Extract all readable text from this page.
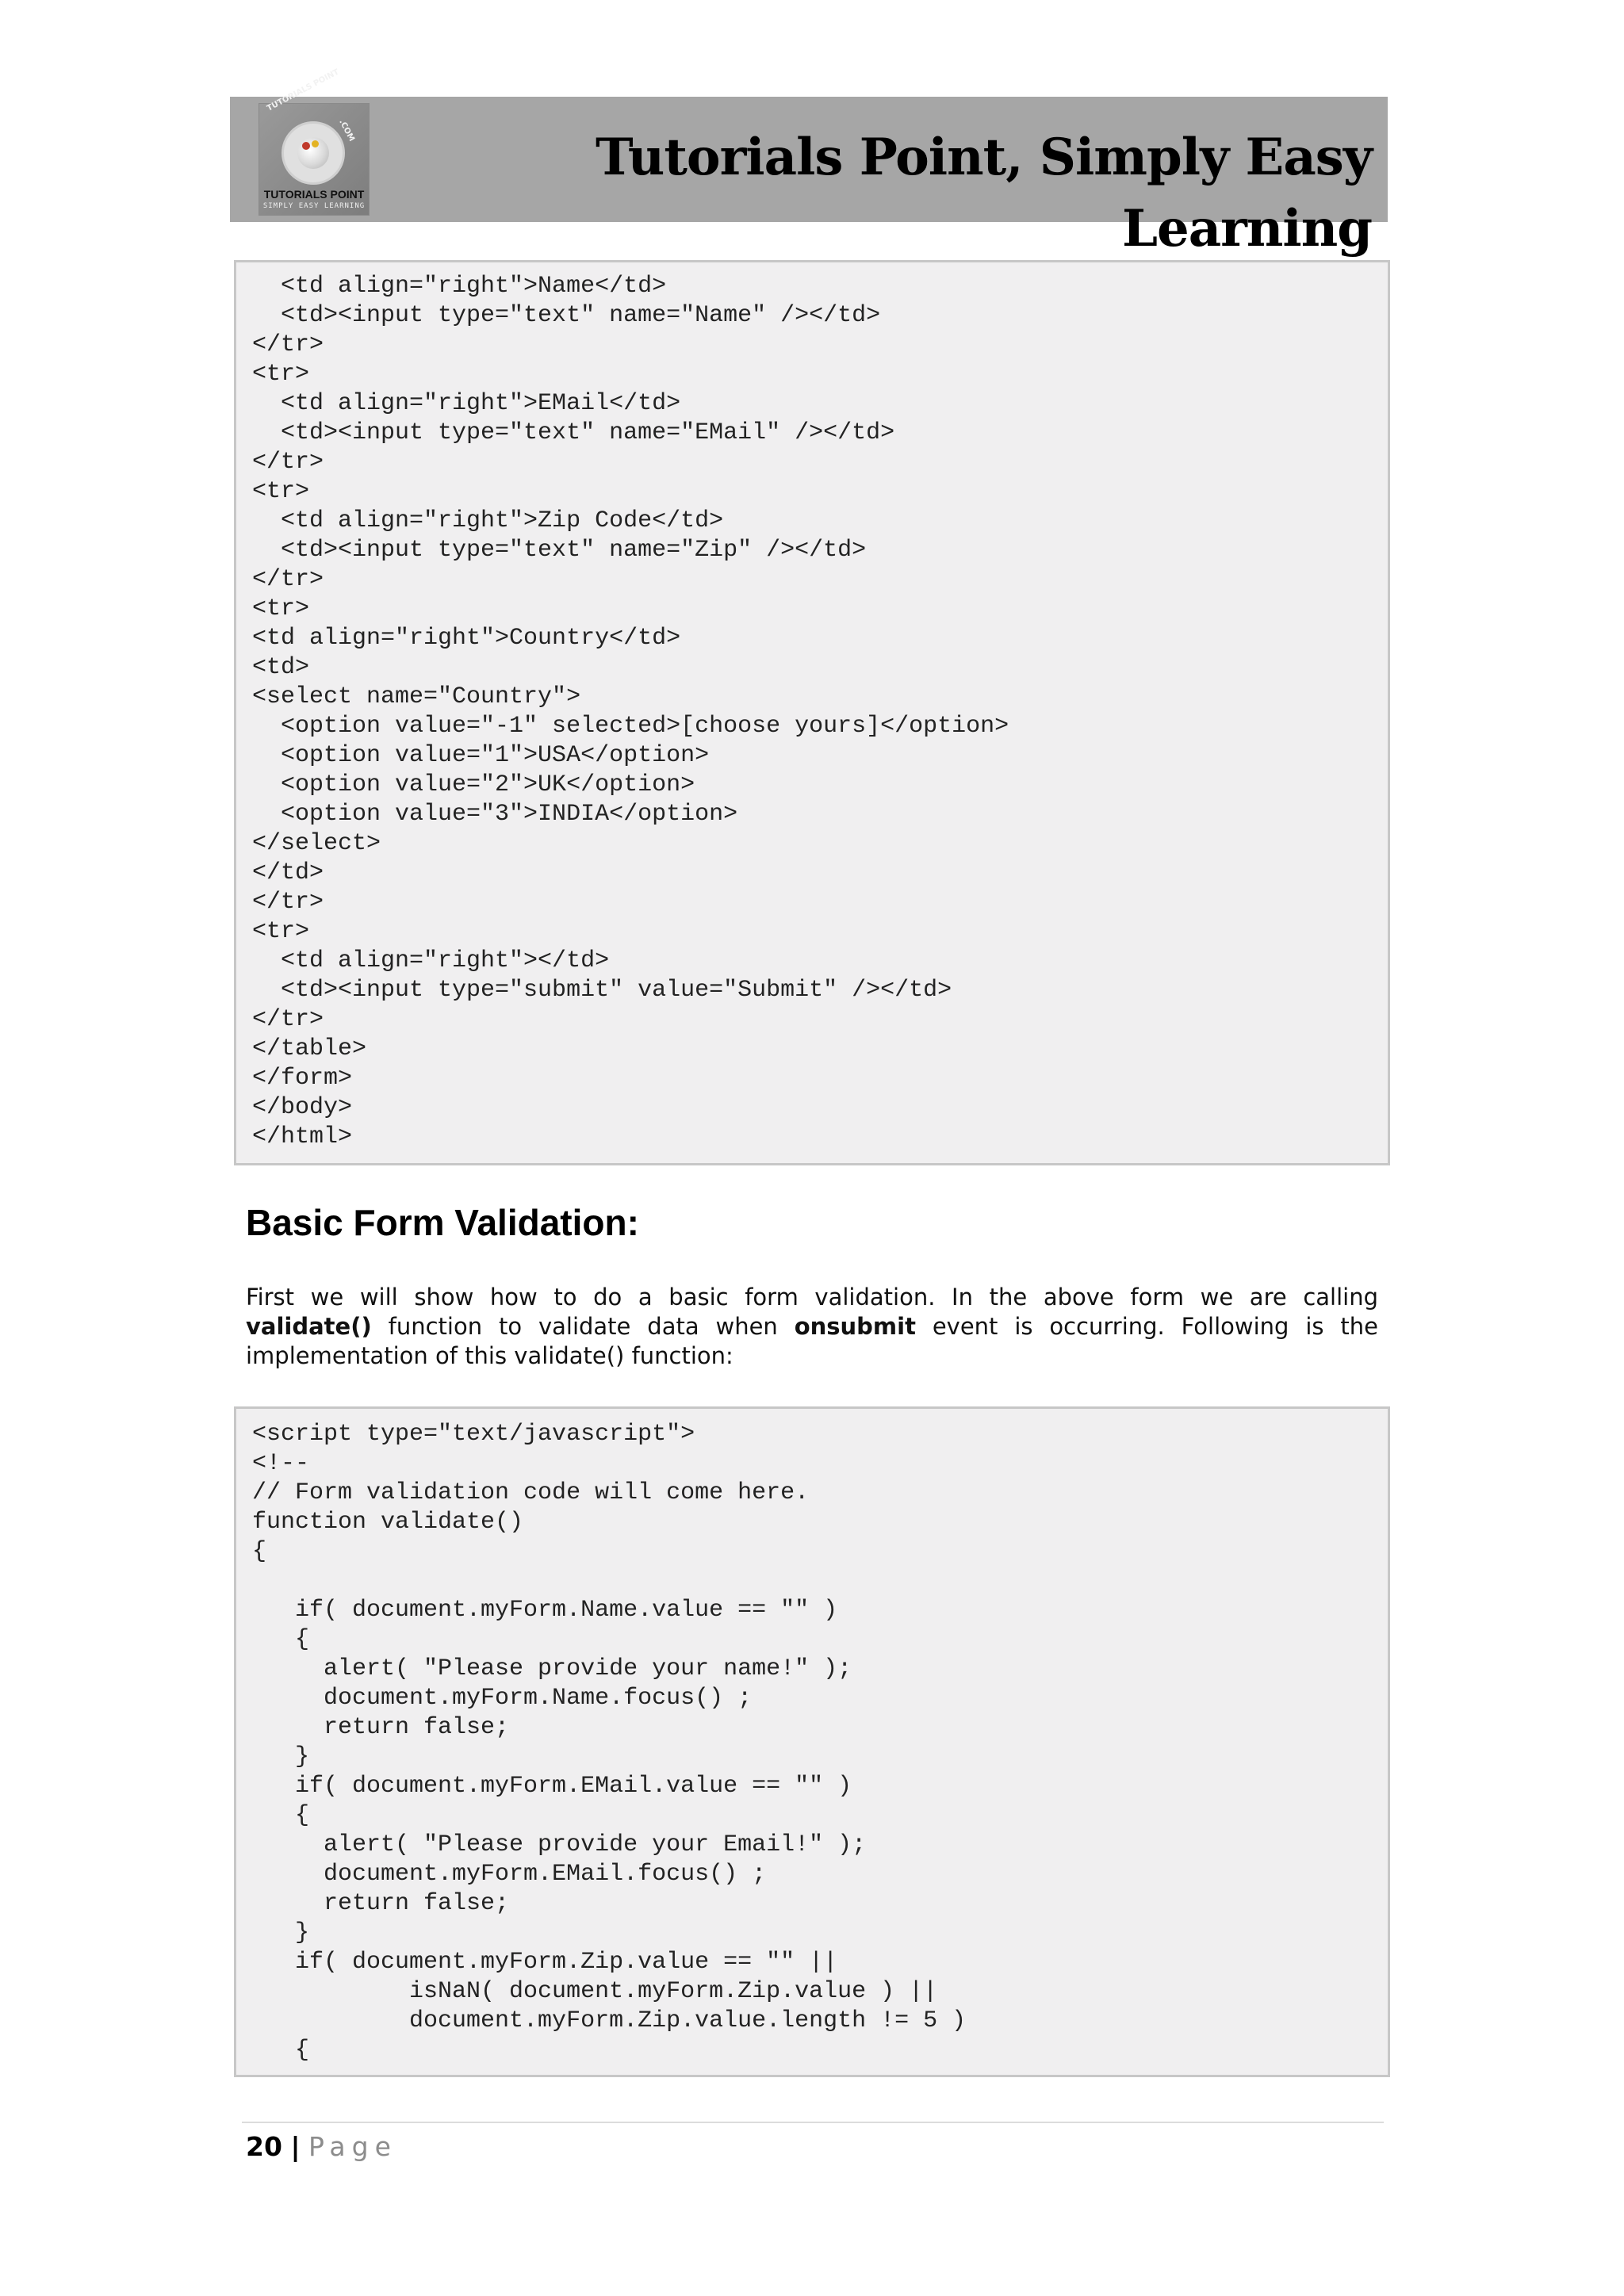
TUTORIALS POINT
.COM
TUTORIALS POINT
SIMPLY EASY LEARNING
Tutorials Point, Simply Easy Learning
<td align="right">Name</td>
<td><input type="text" name="Name" /></td>
</tr>
<tr>
<td align="right">EMail</td>
<td><input type="text" name="EMail" /></td>
</tr>
<tr>
<td align="right">Zip Code</td>
<td><input type="text" name="Zip" /></td>
</tr>
<tr>
<td align="right">Country</td>
<td>
<select name="Country">
<option value="-1" selected>[choose yours]</option>
<option value="1">USA</option>
<option value="2">UK</option>
<option value="3">INDIA</option>
</select>
</td>
</tr>
<tr>
<td align="right"></td>
<td><input type="submit" value="Submit" /></td>
</tr>
</table>
</form>
</body>
</html>
Basic Form Validation:
First we will show how to do a basic form validation. In the above form we are calling
validate() function to validate data when onsubmit event is occurring. Following is the
implementation of this validate() function:
<script type="text/javascript">
<!--
// Form validation code will come here.
function validate()
{

if( document.myForm.Name.value == "" )
{
alert( "Please provide your name!" );
document.myForm.Name.focus() ;
return false;
}
if( document.myForm.EMail.value == "" )
{
alert( "Please provide your Email!" );
document.myForm.EMail.focus() ;
return false;
}
if( document.myForm.Zip.value == "" ||
isNaN( document.myForm.Zip.value ) ||
document.myForm.Zip.value.length != 5 )
{
20 | Page
